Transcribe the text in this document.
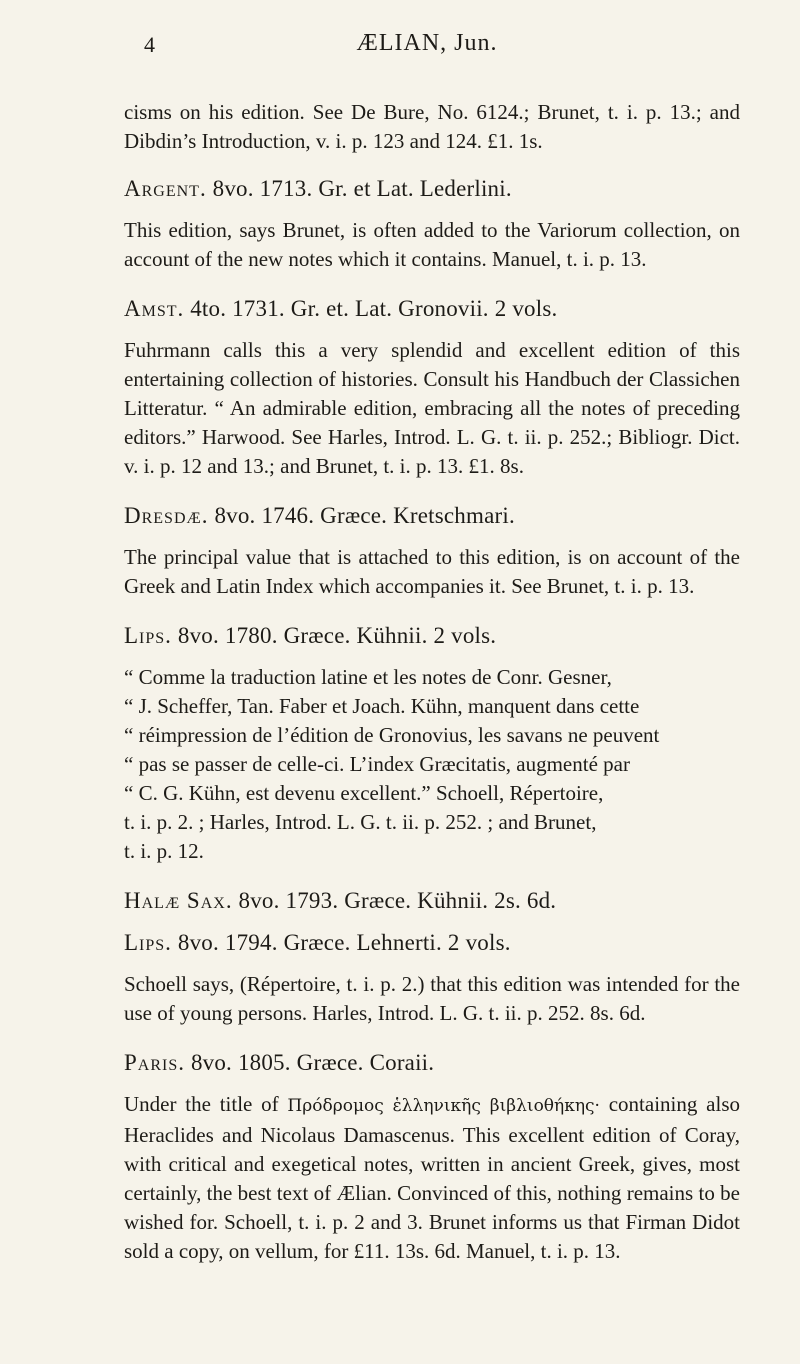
4	ÆLIAN, Jun.

cisms on his edition. See De Bure, No. 6124.; Brunet, t. i. p. 13.; and Dibdin’s Introduction, v. i. p. 123 and 124. £1. 1s.

Argent. 8vo. 1713. Gr. et Lat. Lederlini.

This edition, says Brunet, is often added to the Variorum collection, on account of the new notes which it contains. Manuel, t. i. p. 13.

Amst. 4to. 1731. Gr. et. Lat. Gronovii. 2 vols.

Fuhrmann calls this a very splendid and excellent edition of this entertaining collection of histories. Consult his Handbuch der Classichen Litteratur. “ An admirable edition, embracing all the notes of preceding editors.” Harwood. See Harles, Introd. L. G. t. ii. p. 252.; Bibliogr. Dict. v. i. p. 12 and 13.; and Brunet, t. i. p. 13. £1. 8s.

Dresdæ. 8vo. 1746. Græce. Kretschmari.

The principal value that is attached to this edition, is on account of the Greek and Latin Index which accompanies it. See Brunet, t. i. p. 13.

Lips. 8vo. 1780. Græce. Kühnii. 2 vols.
“ Comme la traduction latine et les notes de Conr. Gesner,
“ J. Scheffer, Tan. Faber et Joach. Kühn, manquent dans cette
“ réimpression de l’édition de Gronovius, les savans ne peuvent
“ pas se passer de celle-ci. L’index Græcitatis, augmenté par
“ C. G. Kühn, est devenu excellent.” Schoell, Répertoire,
t. i. p. 2. ; Harles, Introd. L. G. t. ii. p. 252. ; and Brunet,
t. i. p. 12.
Halæ Sax. 8vo. 1793. Græce. Kühnii. 2s. 6d.
Lips. 8vo. 1794. Græce. Lehnerti. 2 vols.

Schoell says, (Répertoire, t. i. p. 2.) that this edition was intended for the use of young persons. Harles, Introd. L. G. t. ii. p. 252. 8s. 6d.

Paris. 8vo. 1805. Græce. Coraii.

Under the title of Πρόδρομος ἑλληνικῆς βιβλιοθήκης· containing also Heraclides and Nicolaus Damascenus. This excellent edition of Coray, with critical and exegetical notes, written in ancient Greek, gives, most certainly, the best text of Ælian. Convinced of this, nothing remains to be wished for. Schoell, t. i. p. 2 and 3. Brunet informs us that Firman Didot sold a copy, on vellum, for £11. 13s. 6d. Manuel, t. i. p. 13.
